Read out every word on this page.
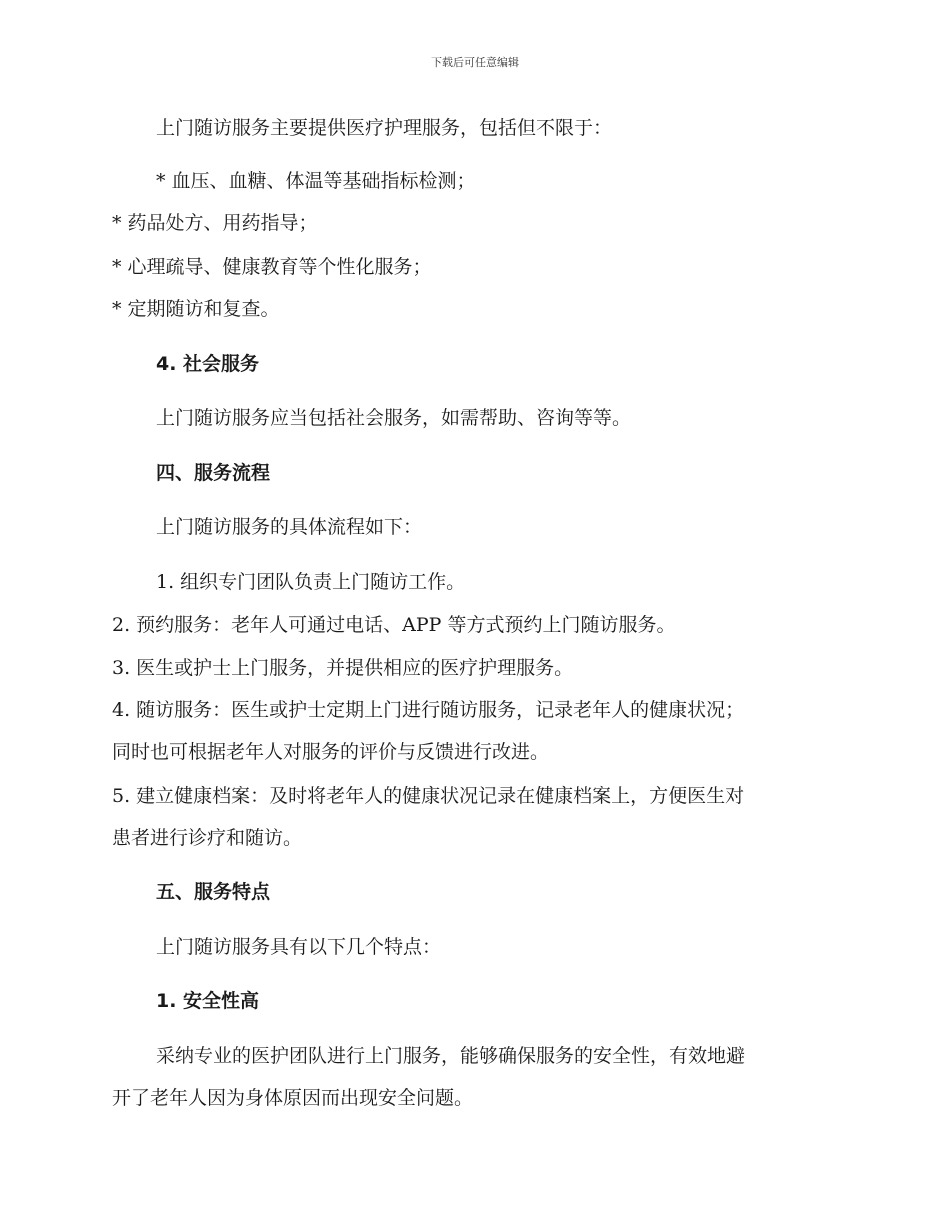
下载后可任意编辑
上门随访服务主要提供医疗护理服务，包括但不限于：
* 血压、血糖、体温等基础指标检测；
* 药品处方、用药指导；
* 心理疏导、健康教育等个性化服务；
* 定期随访和复查。
4. 社会服务
上门随访服务应当包括社会服务，如需帮助、咨询等等。
四、服务流程
上门随访服务的具体流程如下：
1. 组织专门团队负责上门随访工作。
2. 预约服务：老年人可通过电话、APP 等方式预约上门随访服务。
3. 医生或护士上门服务，并提供相应的医疗护理服务。
4. 随访服务：医生或护士定期上门进行随访服务，记录老年人的健康状况；
同时也可根据老年人对服务的评价与反馈进行改进。
5. 建立健康档案：及时将老年人的健康状况记录在健康档案上，方便医生对
患者进行诊疗和随访。
五、服务特点
上门随访服务具有以下几个特点：
1. 安全性高
采纳专业的医护团队进行上门服务，能够确保服务的安全性，有效地避
开了老年人因为身体原因而出现安全问题。
